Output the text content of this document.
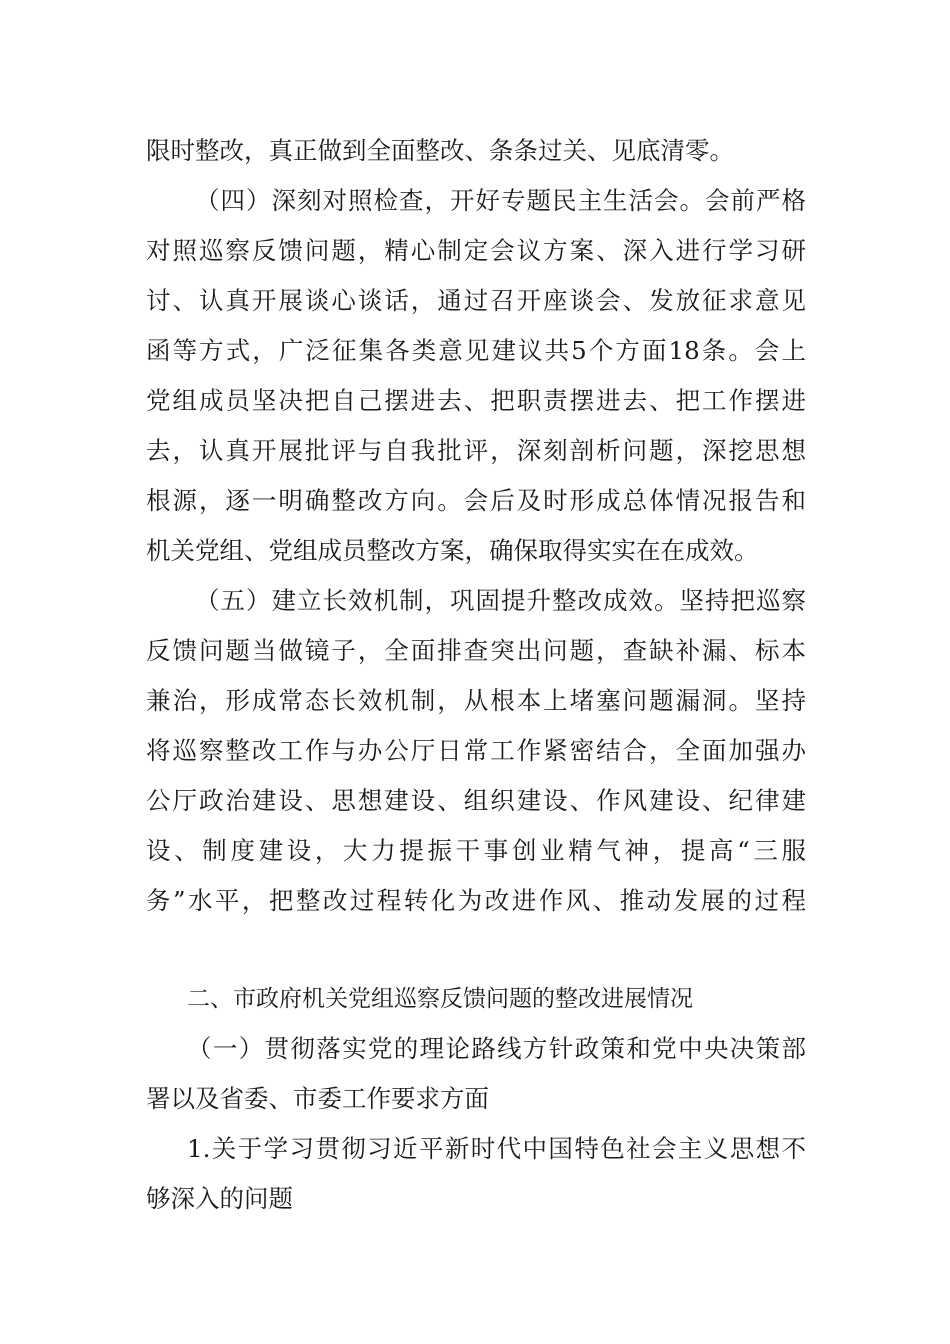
限时整改，真正做到全面整改、条条过关、见底清零。
（四）深刻对照检查，开好专题民主生活会。会前严格
对照巡察反馈问题，精心制定会议方案、深入进行学习研
讨、认真开展谈心谈话，通过召开座谈会、发放征求意见
函等方式，广泛征集各类意见建议共5个方面18条。会上
党组成员坚决把自己摆进去、把职责摆进去、把工作摆进
去，认真开展批评与自我批评，深刻剖析问题，深挖思想
根源，逐一明确整改方向。会后及时形成总体情况报告和
机关党组、党组成员整改方案，确保取得实实在在成效。
（五）建立长效机制，巩固提升整改成效。坚持把巡察
反馈问题当做镜子，全面排查突出问题，查缺补漏、标本
兼治，形成常态长效机制，从根本上堵塞问题漏洞。坚持
将巡察整改工作与办公厅日常工作紧密结合，全面加强办
公厅政治建设、思想建设、组织建设、作风建设、纪律建
设、制度建设，大力提振干事创业精气神，提高“三服
务”水平，把整改过程转化为改进作风、推动发展的过程
二、市政府机关党组巡察反馈问题的整改进展情况
（一）贯彻落实党的理论路线方针政策和党中央决策部
署以及省委、市委工作要求方面
1.关于学习贯彻习近平新时代中国特色社会主义思想不
够深入的问题
